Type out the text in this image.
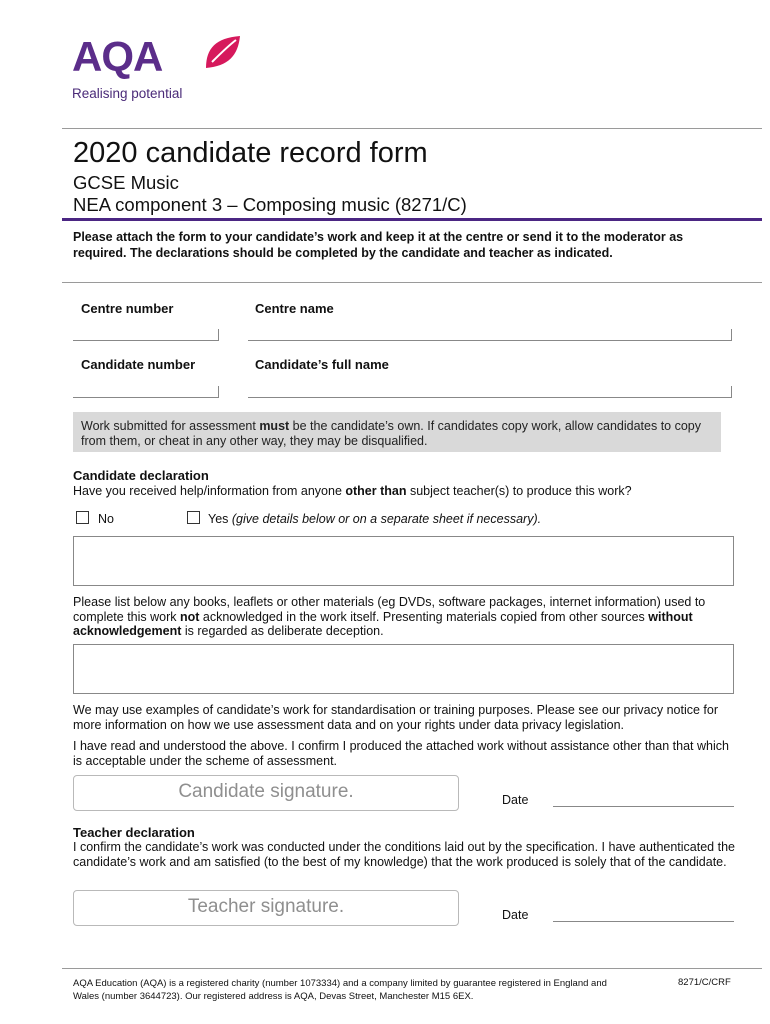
AQA
Realising potential
2020 candidate record form
GCSE Music
NEA component 3 – Composing music (8271/C)
Please attach the form to your candidate’s work and keep it at the centre or send it to the moderator as required. The declarations should be completed by the candidate and teacher as indicated.
Centre number	Centre name
Candidate number	Candidate’s full name
Work submitted for assessment must be the candidate’s own. If candidates copy work, allow candidates to copy from them, or cheat in any other way, they may be disqualified.
Candidate declaration
Have you received help/information from anyone other than subject teacher(s) to produce this work?
No	Yes (give details below or on a separate sheet if necessary).
Please list below any books, leaflets or other materials (eg DVDs, software packages, internet information) used to complete this work not acknowledged in the work itself. Presenting materials copied from other sources without acknowledgement is regarded as deliberate deception.
We may use examples of candidate’s work for standardisation or training purposes. Please see our privacy notice for more information on how we use assessment data and on your rights under data privacy legislation.
I have read and understood the above. I confirm I produced the attached work without assistance other than that which is acceptable under the scheme of assessment.
Candidate signature.	Date
Teacher declaration
I confirm the candidate’s work was conducted under the conditions laid out by the specification. I have authenticated the candidate’s work and am satisfied (to the best of my knowledge) that the work produced is solely that of the candidate.
Teacher signature.	Date
AQA Education (AQA) is a registered charity (number 1073334) and a company limited by guarantee registered in England and Wales (number 3644723). Our registered address is AQA, Devas Street, Manchester M15 6EX.
8271/C/CRF
